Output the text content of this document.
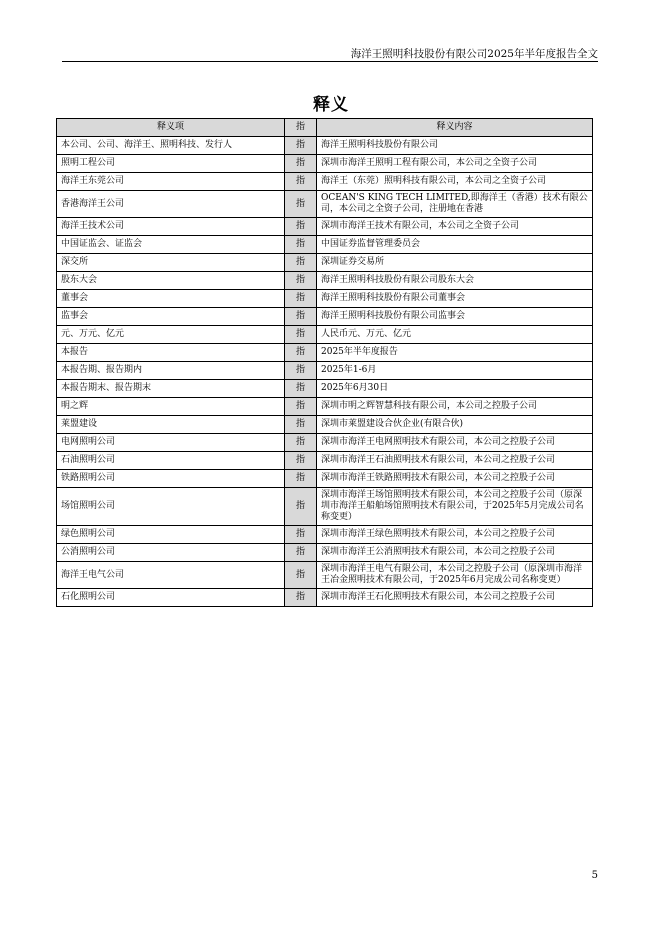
海洋王照明科技股份有限公司2025年半年度报告全文
释义
释义项	指	释义内容
本公司、公司、海洋王、照明科技、发行人	指	海洋王照明科技股份有限公司
照明工程公司	指	深圳市海洋王照明工程有限公司，本公司之全资子公司
海洋王东莞公司	指	海洋王（东莞）照明科技有限公司，本公司之全资子公司
香港海洋王公司	指	OCEAN'S KING TECH LIMITED,即海洋王（香港）技术有限公司，本公司之全资子公司，注册地在香港
海洋王技术公司	指	深圳市海洋王技术有限公司，本公司之全资子公司
中国证监会、证监会	指	中国证券监督管理委员会
深交所	指	深圳证券交易所
股东大会	指	海洋王照明科技股份有限公司股东大会
董事会	指	海洋王照明科技股份有限公司董事会
监事会	指	海洋王照明科技股份有限公司监事会
元、万元、亿元	指	人民币元、万元、亿元
本报告	指	2025年半年度报告
本报告期、报告期内	指	2025年1-6月
本报告期末、报告期末	指	2025年6月30日
明之辉	指	深圳市明之辉智慧科技有限公司，本公司之控股子公司
莱盟建设	指	深圳市莱盟建设合伙企业(有限合伙)
电网照明公司	指	深圳市海洋王电网照明技术有限公司，本公司之控股子公司
石油照明公司	指	深圳市海洋王石油照明技术有限公司，本公司之控股子公司
铁路照明公司	指	深圳市海洋王铁路照明技术有限公司，本公司之控股子公司
场馆照明公司	指	深圳市海洋王场馆照明技术有限公司，本公司之控股子公司（原深圳市海洋王船舶场馆照明技术有限公司，于2025年5月完成公司名称变更）
绿色照明公司	指	深圳市海洋王绿色照明技术有限公司，本公司之控股子公司
公消照明公司	指	深圳市海洋王公消照明技术有限公司，本公司之控股子公司
海洋王电气公司	指	深圳市海洋王电气有限公司，本公司之控股子公司（原深圳市海洋王冶金照明技术有限公司，于2025年6月完成公司名称变更）
石化照明公司	指	深圳市海洋王石化照明技术有限公司，本公司之控股子公司
5
